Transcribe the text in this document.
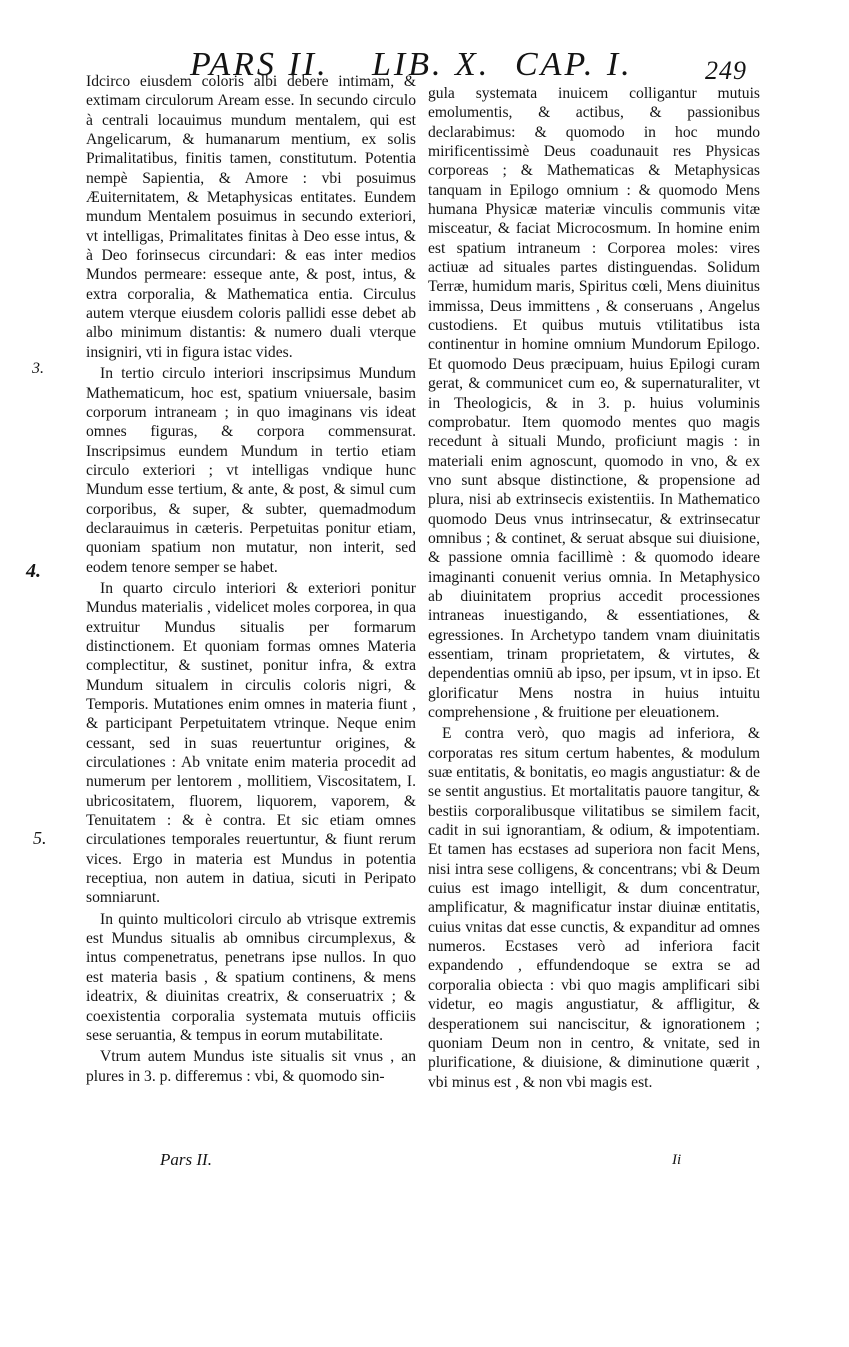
PARS II. LIB. X. CAP. I.	249

Idcirco eiusdem coloris albi debere intimam, & extimam circulorum Aream esse. In secundo circulo à centrali locauimus mundum mentalem, qui est Angelicarum, & humanarum mentium, ex solis Primalitatibus, finitis tamen, constitutum. Potentia nempè Sapientia, & Amore : vbi posuimus Æuiternitatem, & Metaphysicas entitates. Eundem mundum Mentalem posuimus in secundo exteriori, vt intelligas, Primalitates finitas à Deo esse intus, & à Deo forinsecus circundari: & eas inter medios Mundos permeare: esseque ante, & post, intus, & extra corporalia, & Mathematica entia. Circulus autem vterque eiusdem coloris pallidi esse debet ab albo minimum distantis: & numero duali vterque insigniri, vti in figura istac vides.

In tertio circulo interiori inscripsimus Mundum Mathematicum, hoc est, spatium vniuersale, basim corporum intraneam ; in quo imaginans vis ideat omnes figuras, & corpora commensurat. Inscripsimus eundem Mundum in tertio etiam circulo exteriori ; vt intelligas vndique hunc Mundum esse tertium, & ante, & post, & simul cum corporibus, & super, & subter, quemadmodum declarauimus in cæteris. Perpetuitas ponitur etiam, quoniam spatium non mutatur, non interit, sed eodem tenore semper se habet.

In quarto circulo interiori & exteriori ponitur Mundus materialis , videlicet moles corporea, in qua extruitur Mundus situalis per formarum distinctionem. Et quoniam formas omnes Materia complectitur, & sustinet, ponitur infra, & extra Mundum situalem in circulis coloris nigri, & Temporis. Mutationes enim omnes in materia fiunt , & participant Perpetuitatem vtrinque. Neque enim cessant, sed in suas reuertuntur origines, & circulationes : Ab vnitate enim materia procedit ad numerum per lentorem , mollitiem, Viscositatem, I. ubricositatem, fluorem, liquorem, vaporem, & Tenuitatem : & è contra. Et sic etiam omnes circulationes temporales reuertuntur, & fiunt rerum vices. Ergo in materia est Mundus in potentia receptiua, non autem in datiua, sicuti in Peripato somniarunt.

In quinto multicolori circulo ab vtrisque extremis est Mundus situalis ab omnibus circumplexus, & intus compenetratus, penetrans ipse nullos. In quo est materia basis , & spatium continens, & mens ideatrix, & diuinitas creatrix, & conseruatrix ; & coexistentia corporalia systemata mutuis officiis sese seruantia, & tempus in eorum mutabilitate.

Vtrum autem Mundus iste situalis sit vnus , an plures in 3. p. differemus : vbi, & quomodo sin-

3.
4.
5.

gula systemata inuicem colligantur mutuis emolumentis, & actibus, & passionibus declarabimus: & quomodo in hoc mundo mirificentissimè Deus coadunauit res Physicas corporeas ; & Mathematicas & Metaphysicas tanquam in Epilogo omnium : & quomodo Mens humana Physicæ materiæ vinculis communis vitæ misceatur, & faciat Microcosmum. In homine enim est spatium intraneum : Corporea moles: vires actiuæ ad situales partes distinguendas. Solidum Terræ, humidum maris, Spiritus cœli, Mens diuinitus immissa, Deus immittens , & conseruans , Angelus custodiens. Et quibus mutuis vtilitatibus ista continentur in homine omnium Mundorum Epilogo. Et quomodo Deus præcipuam, huius Epilogi curam gerat, & communicet cum eo, & supernaturaliter, vt in Theologicis, & in 3. p. huius voluminis comprobatur. Item quomodo mentes quo magis recedunt à situali Mundo, proficiunt magis : in materiali enim agnoscunt, quomodo in vno, & ex vno sunt absque distinctione, & propensione ad plura, nisi ab extrinsecis existentiis. In Mathematico quomodo Deus vnus intrinsecatur, & extrinsecatur omnibus ; & continet, & seruat absque sui diuisione, & passione omnia facillimè : & quomodo ideare imaginanti conuenit verius omnia. In Metaphysico ab diuinitatem proprius accedit processiones intraneas inuestigando, & essentiationes, & egressiones. In Archetypo tandem vnam diuinitatis essentiam, trinam proprietatem, & virtutes, & dependentias omniū ab ipso, per ipsum, vt in ipso. Et glorificatur Mens nostra in huius intuitu comprehensione , & fruitione per eleuationem.

E contra verò, quo magis ad inferiora, & corporatas res situm certum habentes, & modulum suæ entitatis, & bonitatis, eo magis angustiatur: & de se sentit angustius. Et mortalitatis pauore tangitur, & bestiis corporalibusque vilitatibus se similem facit, cadit in sui ignorantiam, & odium, & impotentiam. Et tamen has ecstases ad superiora non facit Mens, nisi intra sese colligens, & concentrans; vbi & Deum cuius est imago intelligit, & dum concentratur, amplificatur, & magnificatur instar diuinæ entitatis, cuius vnitas dat esse cunctis, & expanditur ad omnes numeros. Ecstases verò ad inferiora facit expandendo , effundendoque se extra se ad corporalia obiecta : vbi quo magis amplificari sibi videtur, eo magis angustiatur, & affligitur, & desperationem sui nanciscitur, & ignorationem ; quoniam Deum non in centro, & vnitate, sed in plurificatione, & diuisione, & diminutione quærit , vbi minus est , & non vbi magis est.

Pars II.	Ii
